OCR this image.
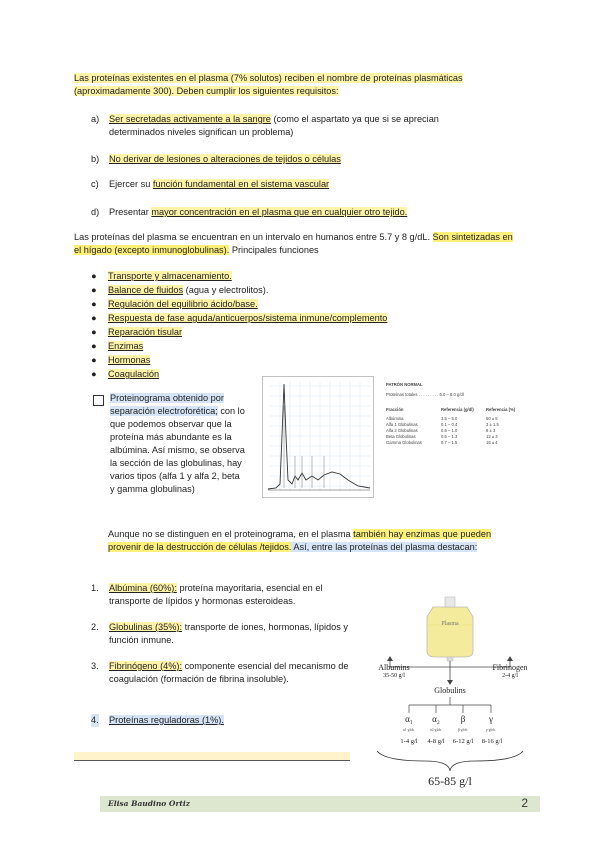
Las proteínas existentes en el plasma (7% solutos) reciben el nombre de proteínas plasmáticas (aproximadamente 300). Deben cumplir los siguientes requisitos:
a) Ser secretadas activamente a la sangre (como el aspartato ya que si se aprecian determinados niveles significan un problema)
b) No derivar de lesiones o alteraciones de tejidos o células
c) Ejercer su función fundamental en el sistema vascular
d) Presentar mayor concentración en el plasma que en cualquier otro tejido.
Las proteínas del plasma se encuentran en un intervalo en humanos entre 5.7 y 8 g/dL. Son sintetizadas en el hígado (excepto inmunoglobulinas). Principales funciones
● Transporte y almacenamiento.
● Balance de fluidos (agua y electrolitos).
● Regulación del equilibrio ácido/base.
● Respuesta de fase aguda/anticuerpos/sistema inmune/complemento
● Reparación tisular
● Enzimas
● Hormonas
● Coagulación
Proteinograma obtenido por separación electroforética; con lo que podemos observar que la proteína más abundante es la albúmina. Así mismo, se observa la sección de las globulinas, hay varios tipos (alfa 1 y alfa 2, beta y gamma globulinas)
PATRÓN NORMAL
Proteínas totales . . . . . . . . . 6.0 – 8.0 g/dl
Fracción	Referencia (g/dl)	Referencia (%)
Albúmina	3.5 – 5.0	50 ± 5
Alfa 1 Globulinas	0.1 – 0.4	3 ± 1.5
Alfa 2 Globulinas	0.5 – 1.0	8 ± 3
Beta Globulinas	0.5 – 1.3	12 ± 3
Gamma Globulinas	0.7 – 1.5	16 ± 4
Aunque no se distinguen en el proteinograma, en el plasma también hay enzimas que pueden provenir de la destrucción de células /tejidos. Así, entre las proteínas del plasma destacan:
1. Albúmina (60%): proteína mayoritaria, esencial en el transporte de lípidos y hormonas esteroideas.
2. Globulinas (35%): transporte de iones, hormonas, lípidos y función inmune.
3. Fibrinógeno (4%): componente esencial del mecanismo de coagulación (formación de fibrina insoluble).
4. Proteínas reguladoras (1%).
Plasma
Albumins
35-50 g/l
Fibrinogen
2-4 g/l
Globulins
α₁	α₂	β	γ
α1-glob.	α2-glob.	β-glob.	γ-glob.
1-4 g/l	4-8 g/l	6-12 g/l	8-16 g/l
65-85 g/l
Elisa Baudino Ortiz	2
